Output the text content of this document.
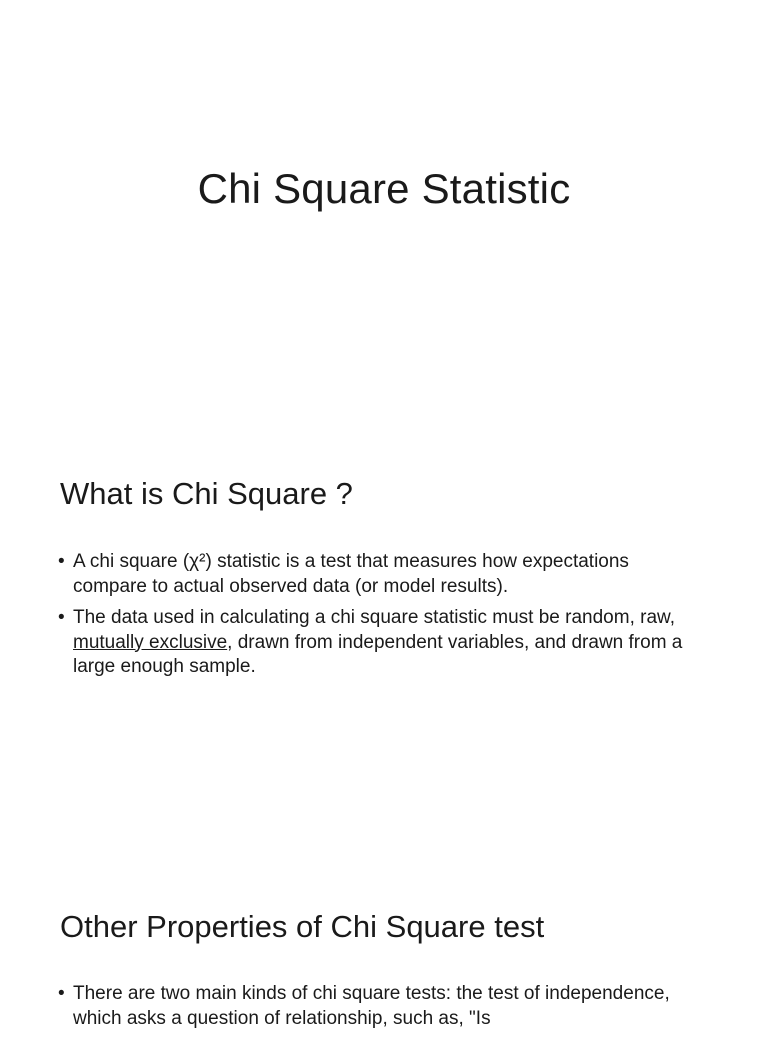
Chi Square Statistic
What is Chi Square ?
• A chi square (χ²) statistic is a test that measures how expectations compare to actual observed data (or model results).
• The data used in calculating a chi square statistic must be random, raw, mutually exclusive, drawn from independent variables, and drawn from a large enough sample.
Other Properties of Chi Square test
• There are two main kinds of chi square tests: the test of independence, which asks a question of relationship, such as, "Is
